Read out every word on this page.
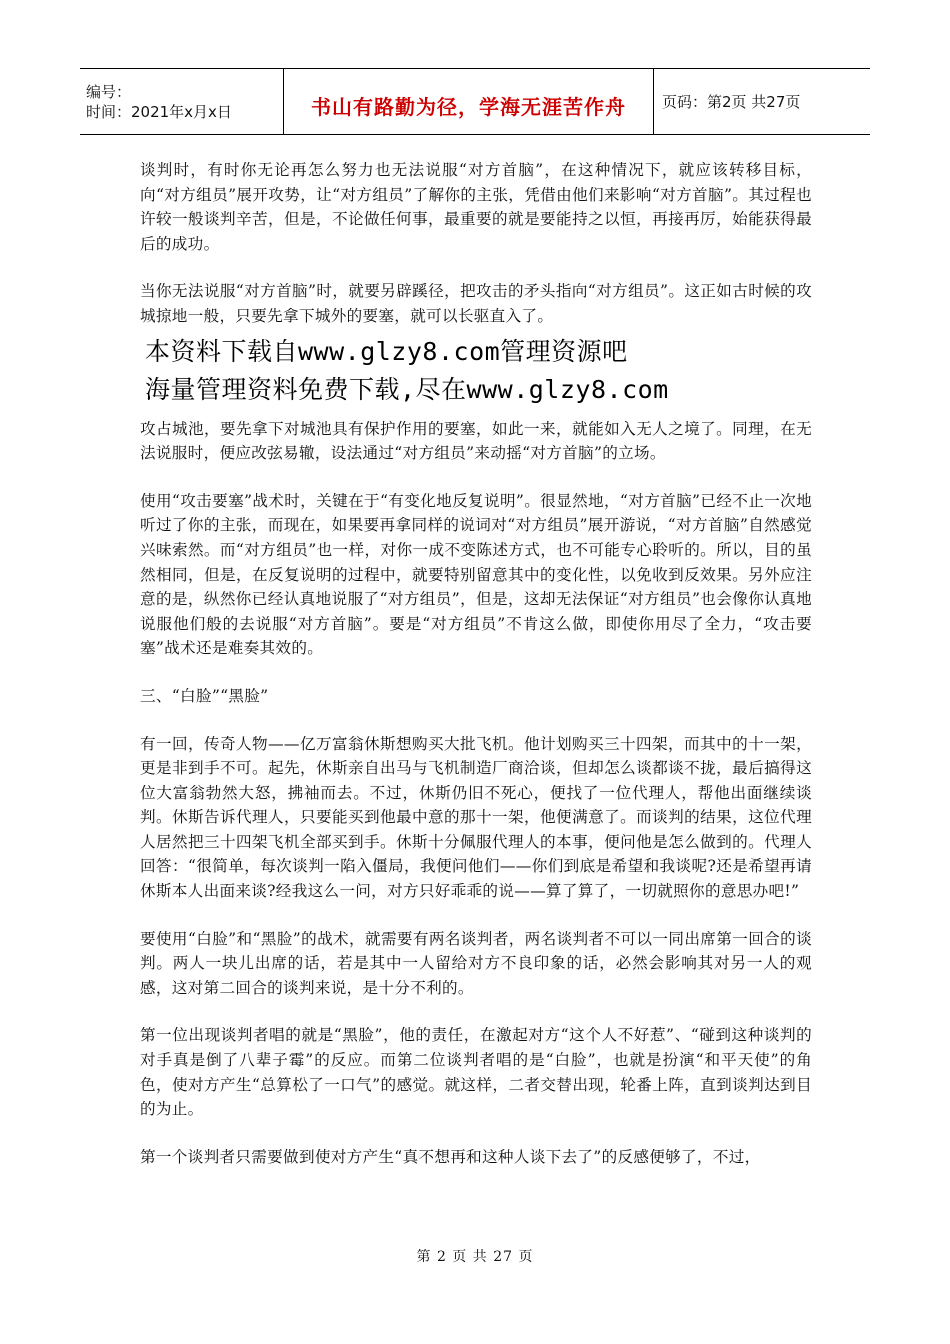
编号：
时间：2021年x月x日	书山有路勤为径，学海无涯苦作舟	页码：第2页 共27页

谈判时，有时你无论再怎么努力也无法说服“对方首脑”，在这种情况下，就应该转移目标，向“对方组员”展开攻势，让“对方组员”了解你的主张，凭借由他们来影响“对方首脑”。其过程也许较一般谈判辛苦，但是，不论做任何事，最重要的就是要能持之以恒，再接再厉，始能获得最后的成功。

当你无法说服“对方首脑”时，就要另辟蹊径，把攻击的矛头指向“对方组员”。这正如古时候的攻城掠地一般，只要先拿下城外的要塞，就可以长驱直入了。

本资料下载自www.glzy8.com管理资源吧
海量管理资料免费下载,尽在www.glzy8.com

攻占城池，要先拿下对城池具有保护作用的要塞，如此一来，就能如入无人之境了。同理，在无法说服时，便应改弦易辙，设法通过“对方组员”来动摇“对方首脑”的立场。

使用“攻击要塞”战术时，关键在于“有变化地反复说明”。很显然地，“对方首脑”已经不止一次地听过了你的主张，而现在，如果要再拿同样的说词对“对方组员”展开游说，“对方首脑”自然感觉兴味索然。而“对方组员”也一样，对你一成不变陈述方式，也不可能专心聆听的。所以，目的虽然相同，但是，在反复说明的过程中，就要特别留意其中的变化性，以免收到反效果。另外应注意的是，纵然你已经认真地说服了“对方组员”，但是，这却无法保证“对方组员”也会像你认真地说服他们般的去说服“对方首脑”。要是“对方组员”不肯这么做，即使你用尽了全力，“攻击要塞”战术还是难奏其效的。

三、“白脸”“黑脸”

有一回，传奇人物——亿万富翁休斯想购买大批飞机。他计划购买三十四架，而其中的十一架，更是非到手不可。起先，休斯亲自出马与飞机制造厂商洽谈，但却怎么谈都谈不拢，最后搞得这位大富翁勃然大怒，拂袖而去。不过，休斯仍旧不死心，便找了一位代理人，帮他出面继续谈判。休斯告诉代理人，只要能买到他最中意的那十一架，他便满意了。而谈判的结果，这位代理人居然把三十四架飞机全部买到手。休斯十分佩服代理人的本事，便问他是怎么做到的。代理人回答：“很简单，每次谈判一陷入僵局，我便问他们——你们到底是希望和我谈呢?还是希望再请休斯本人出面来谈?经我这么一问，对方只好乖乖的说——算了算了，一切就照你的意思办吧!”

要使用“白脸”和“黑脸”的战术，就需要有两名谈判者，两名谈判者不可以一同出席第一回合的谈判。两人一块儿出席的话，若是其中一人留给对方不良印象的话，必然会影响其对另一人的观感，这对第二回合的谈判来说，是十分不利的。

第一位出现谈判者唱的就是“黑脸”，他的责任，在激起对方“这个人不好惹”、“碰到这种谈判的对手真是倒了八辈子霉”的反应。而第二位谈判者唱的是“白脸”，也就是扮演“和平天使”的角色，使对方产生“总算松了一口气”的感觉。就这样，二者交替出现，轮番上阵，直到谈判达到目的为止。

第一个谈判者只需要做到使对方产生“真不想再和这种人谈下去了”的反感便够了，不过，

第 2 页 共 27 页
